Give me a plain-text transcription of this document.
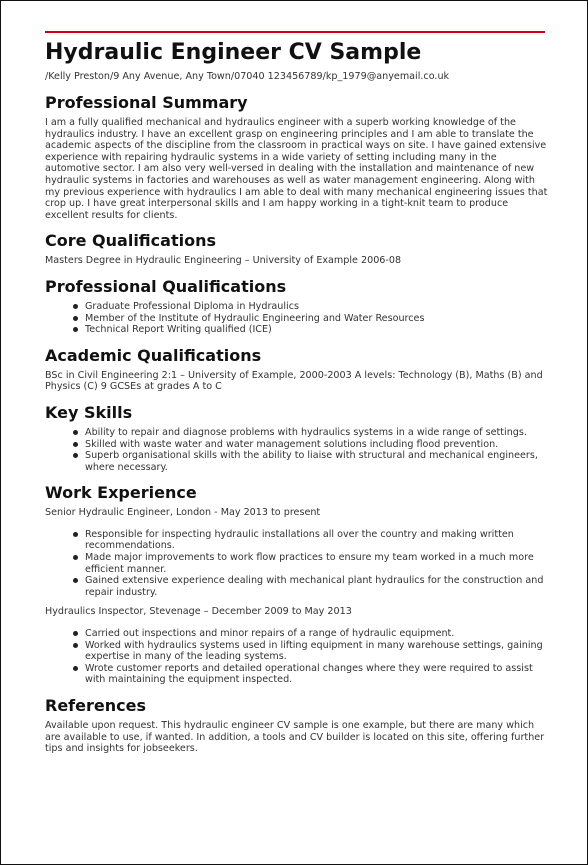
Hydraulic Engineer CV Sample
/Kelly Preston/9 Any Avenue, Any Town/07040 123456789/kp_1979@anyemail.co.uk
Professional Summary

I am a fully qualified mechanical and hydraulics engineer with a superb working knowledge of the hydraulics industry. I have an excellent grasp on engineering principles and I am able to translate the academic aspects of the discipline from the classroom in practical ways on site. I have gained extensive experience with repairing hydraulic systems in a wide variety of setting including many in the automotive sector. I am also very well-versed in dealing with the installation and maintenance of new hydraulic systems in factories and warehouses as well as water management engineering. Along with my previous experience with hydraulics I am able to deal with many mechanical engineering issues that crop up. I have great interpersonal skills and I am happy working in a tight-knit team to produce excellent results for clients.

Core Qualifications

Masters Degree in Hydraulic Engineering – University of Example 2006-08

Professional Qualifications
Graduate Professional Diploma in Hydraulics
Member of the Institute of Hydraulic Engineering and Water Resources
Technical Report Writing qualified (ICE)
Academic Qualifications

BSc in Civil Engineering 2:1 – University of Example, 2000-2003 A levels: Technology (B), Maths (B) and Physics (C) 9 GCSEs at grades A to C

Key Skills
Ability to repair and diagnose problems with hydraulics systems in a wide range of settings.
Skilled with waste water and water management solutions including flood prevention.
Superb organisational skills with the ability to liaise with structural and mechanical engineers, where necessary.
Work Experience

Senior Hydraulic Engineer, London - May 2013 to present

Responsible for inspecting hydraulic installations all over the country and making written recommendations.
Made major improvements to work flow practices to ensure my team worked in a much more efficient manner.
Gained extensive experience dealing with mechanical plant hydraulics for the construction and repair industry.

Hydraulics Inspector, Stevenage – December 2009 to May 2013

Carried out inspections and minor repairs of a range of hydraulic equipment.
Worked with hydraulics systems used in lifting equipment in many warehouse settings, gaining expertise in many of the leading systems.
Wrote customer reports and detailed operational changes where they were required to assist with maintaining the equipment inspected.
References

Available upon request. This hydraulic engineer CV sample is one example, but there are many which are available to use, if wanted. In addition, a tools and CV builder is located on this site, offering further tips and insights for jobseekers.
